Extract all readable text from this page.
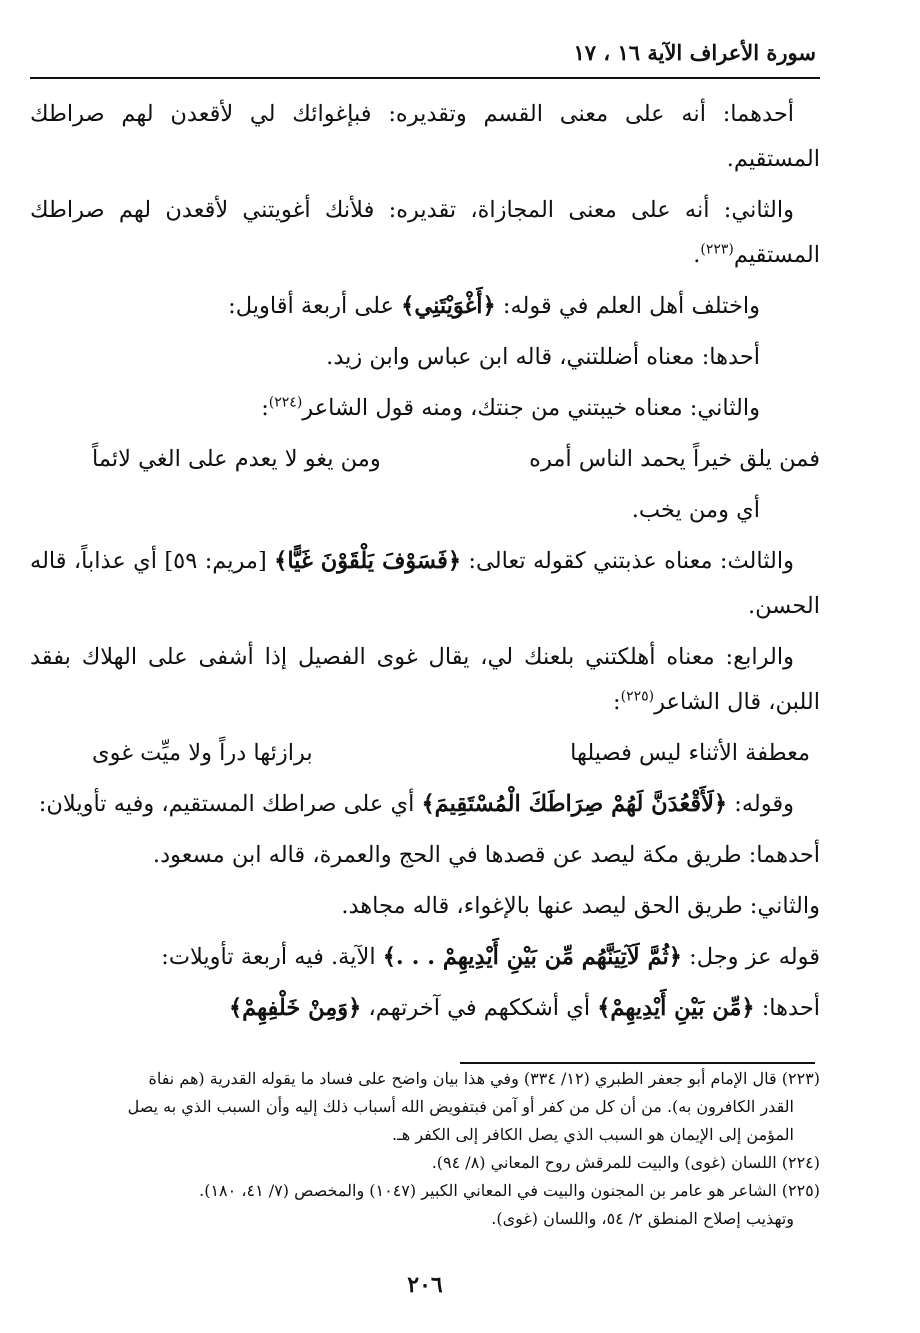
سورة الأعراف الآية ١٦ ، ١٧

أحدهما: أنه على معنى القسم وتقديره: فبإغوائك لي لأقعدن لهم صراطك المستقيم.

والثاني: أنه على معنى المجازاة، تقديره: فلأنك أغويتني لأقعدن لهم صراطك المستقيم$^{(٢٢٣)}$.

واختلف أهل العلم في قوله: ﴿أَغْوَيْتَنِي﴾ على أربعة أقاويل:

أحدها: معناه أضللتني، قاله ابن عباس وابن زيد.

والثاني: معناه خيبتني من جنتك، ومنه قول الشاعر$^{(٢٢٤)}$:

فمن يلق خيراً يحمد الناس أمره
ومن يغو لا يعدم على الغي لائماً

أي ومن يخب.

والثالث: معناه عذبتني كقوله تعالى: ﴿فَسَوْفَ يَلْقَوْنَ غَيًّا﴾ [مريم: ٥٩] أي عذاباً، قاله الحسن.

والرابع: معناه أهلكتني بلعنك لي، يقال غوى الفصيل إذا أشفى على الهلاك بفقد اللبن، قال الشاعر$^{(٢٢٥)}$:

معطفة الأثناء ليس فصيلها
برازئها دراً ولا ميِّت غوى

وقوله: ﴿لَأَقْعُدَنَّ لَهُمْ صِرَاطَكَ الْمُسْتَقِيمَ﴾ أي على صراطك المستقيم، وفيه تأويلان:

أحدهما: طريق مكة ليصد عن قصدها في الحج والعمرة، قاله ابن مسعود.

والثاني: طريق الحق ليصد عنها بالإغواء، قاله مجاهد.

قوله عز وجل: ﴿ثُمَّ لَآتِيَنَّهُم مِّن بَيْنِ أَيْدِيهِمْ . . .﴾ الآية. فيه أربعة تأويلات:

أحدها: ﴿مِّن بَيْنِ أَيْدِيهِمْ﴾ أي أشككهم في آخرتهم، ﴿وَمِنْ خَلْفِهِمْ﴾

(٢٢٣) قال الإمام أبو جعفر الطبري (١٢/ ٣٣٤) وفي هذا بيان واضح على فساد ما يقوله القدرية (هم نفاة

القدر الكافرون به). من أن كل من كفر أو آمن فبتفويض الله أسباب ذلك إليه وأن السبب الذي به يصل

المؤمن إلى الإيمان هو السبب الذي يصل الكافر إلى الكفر هـ.

(٢٢٤) اللسان (غوى) والبيت للمرقش روح المعاني (٨/ ٩٤).

(٢٢٥) الشاعر هو عامر بن المجنون والبيت في المعاني الكبير (١٠٤٧) والمخصص (٧/ ٤١، ١٨٠).

وتهذيب إصلاح المنطق ٢/ ٥٤، واللسان (غوى).

٢٠٦
